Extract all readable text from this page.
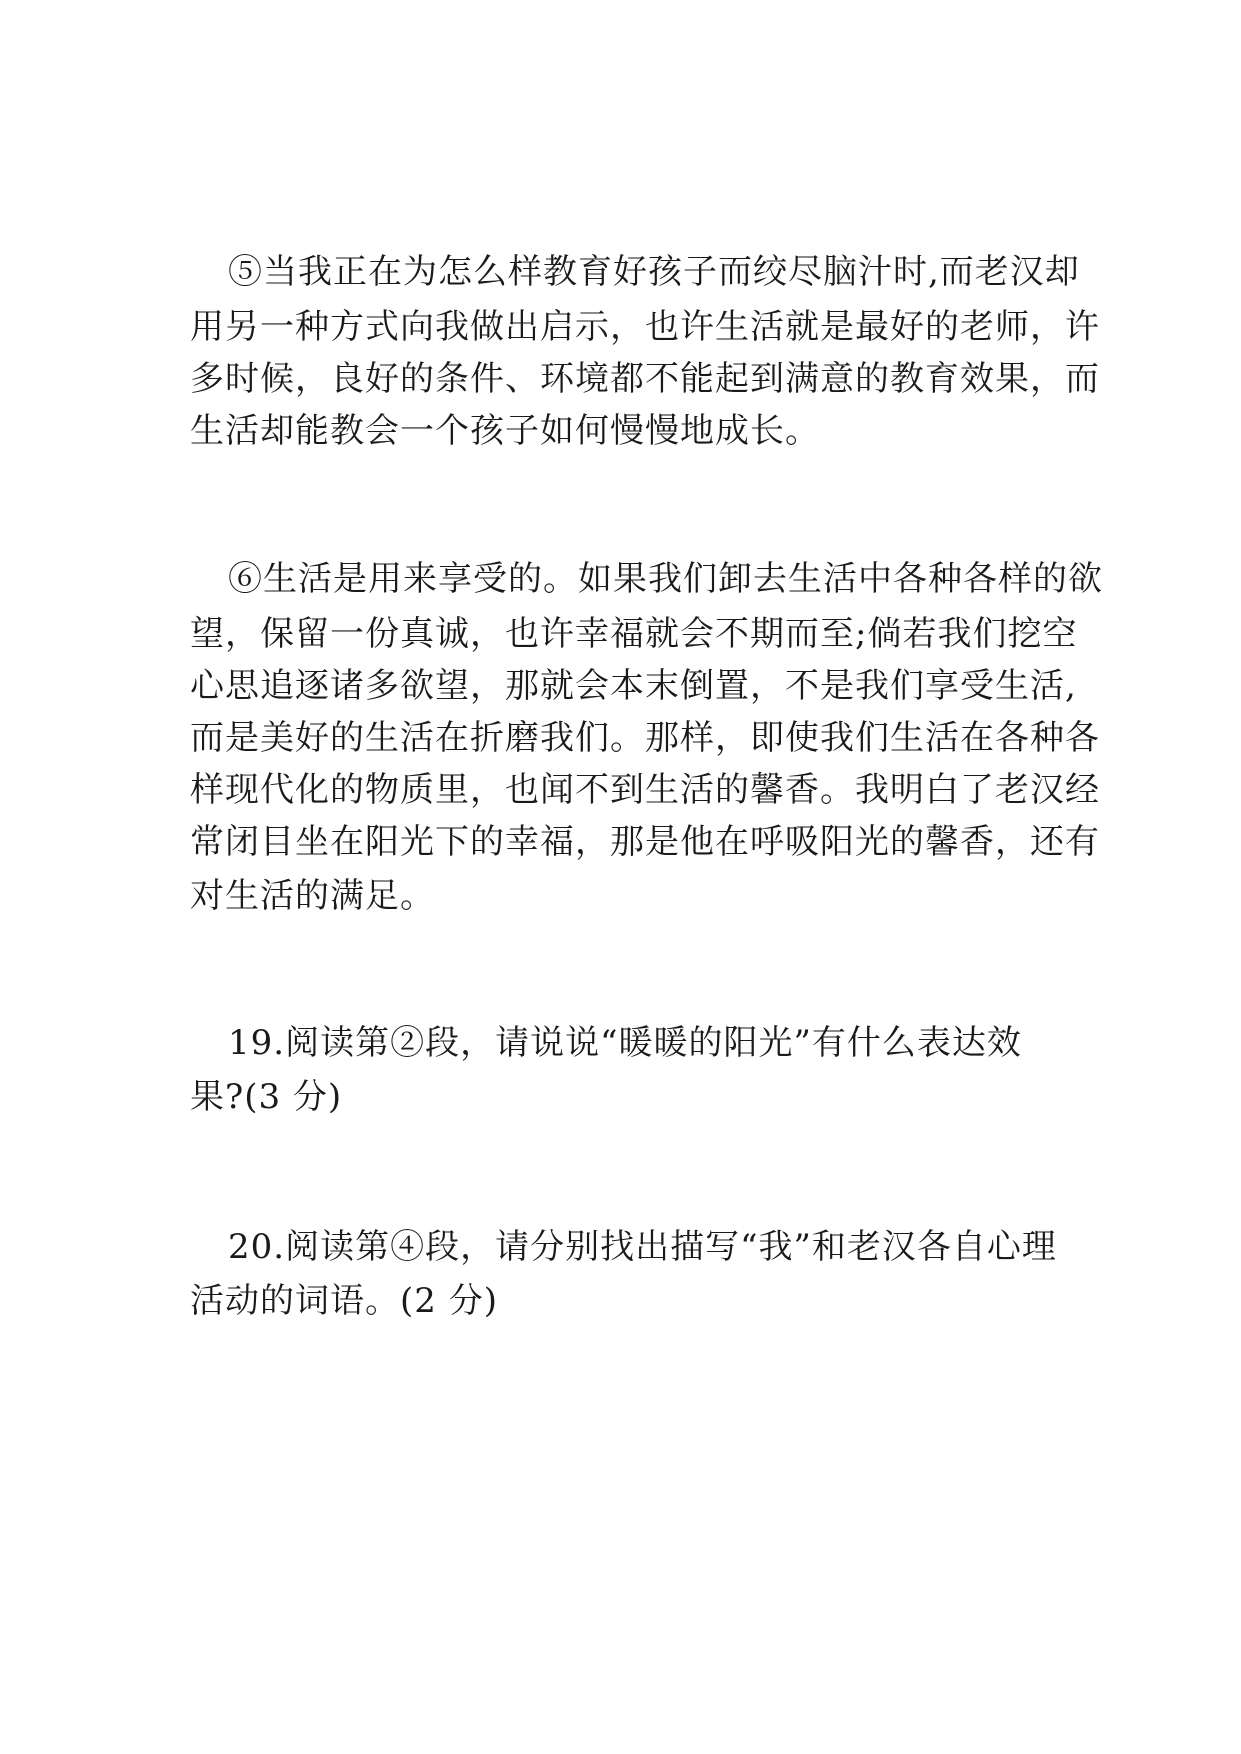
⑤当我正在为怎么样教育好孩子而绞尽脑汁时,而老汉却
用另一种方式向我做出启示，也许生活就是最好的老师，许
多时候，良好的条件、环境都不能起到满意的教育效果，而
生活却能教会一个孩子如何慢慢地成长。
⑥生活是用来享受的。如果我们卸去生活中各种各样的欲
望，保留一份真诚，也许幸福就会不期而至;倘若我们挖空
心思追逐诸多欲望，那就会本末倒置，不是我们享受生活,
而是美好的生活在折磨我们。那样，即使我们生活在各种各
样现代化的物质里，也闻不到生活的馨香。我明白了老汉经
常闭目坐在阳光下的幸福，那是他在呼吸阳光的馨香，还有
对生活的满足。
19.阅读第②段，请说说“暖暖的阳光”有什么表达效
果?(3 分)
20.阅读第④段，请分别找出描写“我”和老汉各自心理
活动的词语。(2 分)
